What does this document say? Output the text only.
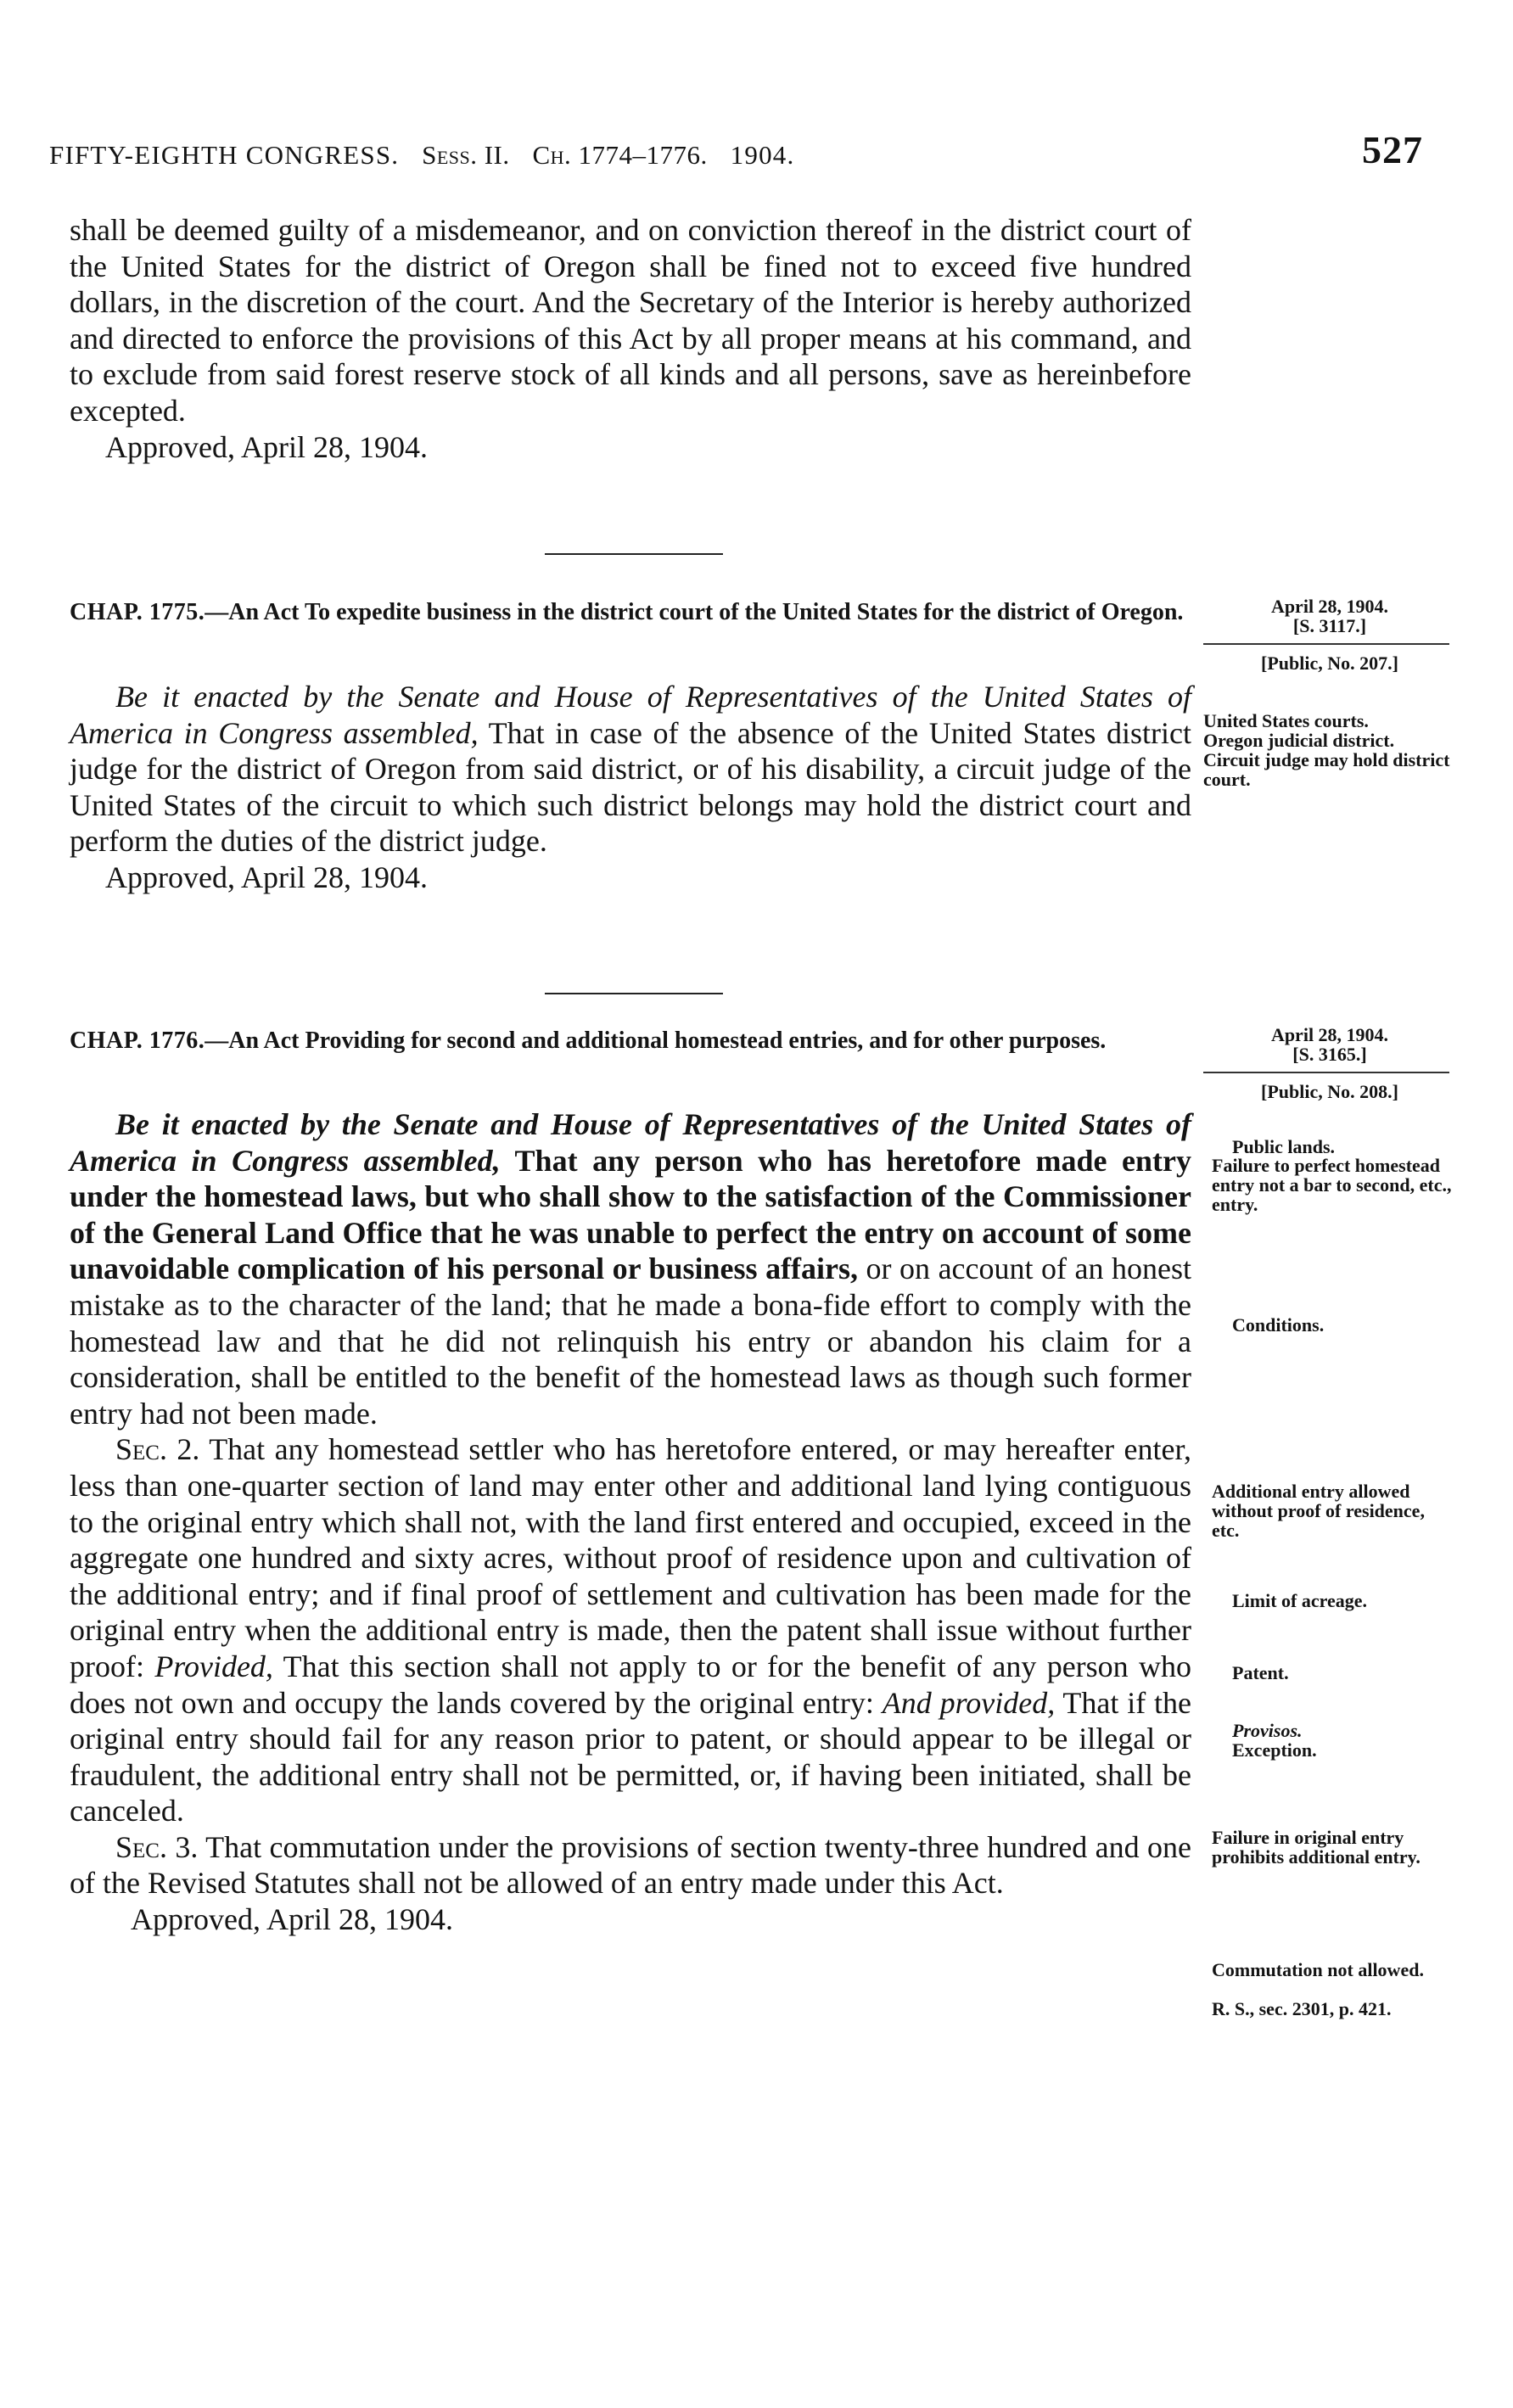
FIFTY-EIGHTH CONGRESS. Sess. II. Ch. 1774–1776. 1904.	527

shall be deemed guilty of a misdemeanor, and on conviction thereof in the district court of the United States for the district of Oregon shall be fined not to exceed five hundred dollars, in the discretion of the court. And the Secretary of the Interior is hereby authorized and directed to enforce the provisions of this Act by all proper means at his command, and to exclude from said forest reserve stock of all kinds and all persons, save as hereinbefore excepted.

Approved, April 28, 1904.

CHAP. 1775.—An Act To expedite business in the district court of the United States for the district of Oregon.

Be it enacted by the Senate and House of Representatives of the United States of America in Congress assembled, That in case of the absence of the United States district judge for the district of Oregon from said district, or of his disability, a circuit judge of the United States of the circuit to which such district belongs may hold the district court and perform the duties of the district judge.

Approved, April 28, 1904.

April 28, 1904.

[S. 3117.]

[Public, No. 207.]

United States courts.

Oregon judicial district.

Circuit judge may hold district court.

CHAP. 1776.—An Act Providing for second and additional homestead entries, and for other purposes.

Be it enacted by the Senate and House of Representatives of the United States of America in Congress assembled, That any person who has heretofore made entry under the homestead laws, but who shall show to the satisfaction of the Commissioner of the General Land Office that he was unable to perfect the entry on account of some unavoidable complication of his personal or business affairs, or on account of an honest mistake as to the character of the land; that he made a bona-fide effort to comply with the homestead law and that he did not relinquish his entry or abandon his claim for a consideration, shall be entitled to the benefit of the homestead laws as though such former entry had not been made.

Sec. 2. That any homestead settler who has heretofore entered, or may hereafter enter, less than one-quarter section of land may enter other and additional land lying contiguous to the original entry which shall not, with the land first entered and occupied, exceed in the aggregate one hundred and sixty acres, without proof of residence upon and cultivation of the additional entry; and if final proof of settlement and cultivation has been made for the original entry when the additional entry is made, then the patent shall issue without further proof: Provided, That this section shall not apply to or for the benefit of any person who does not own and occupy the lands covered by the original entry: And provided, That if the original entry should fail for any reason prior to patent, or should appear to be illegal or fraudulent, the additional entry shall not be permitted, or, if having been initiated, shall be canceled.

Sec. 3. That commutation under the provisions of section twenty-three hundred and one of the Revised Statutes shall not be allowed of an entry made under this Act.

Approved, April 28, 1904.

April 28, 1904.

[S. 3165.]

[Public, No. 208.]
Public lands.
Failure to perfect homestead entry not a bar to second, etc., entry.
Conditions.
Additional entry allowed without proof of residence, etc.
Limit of acreage.
Patent.

Provisos.

Exception.

Failure in original entry prohibits additional entry.
Commutation not allowed.
R. S., sec. 2301, p. 421.
